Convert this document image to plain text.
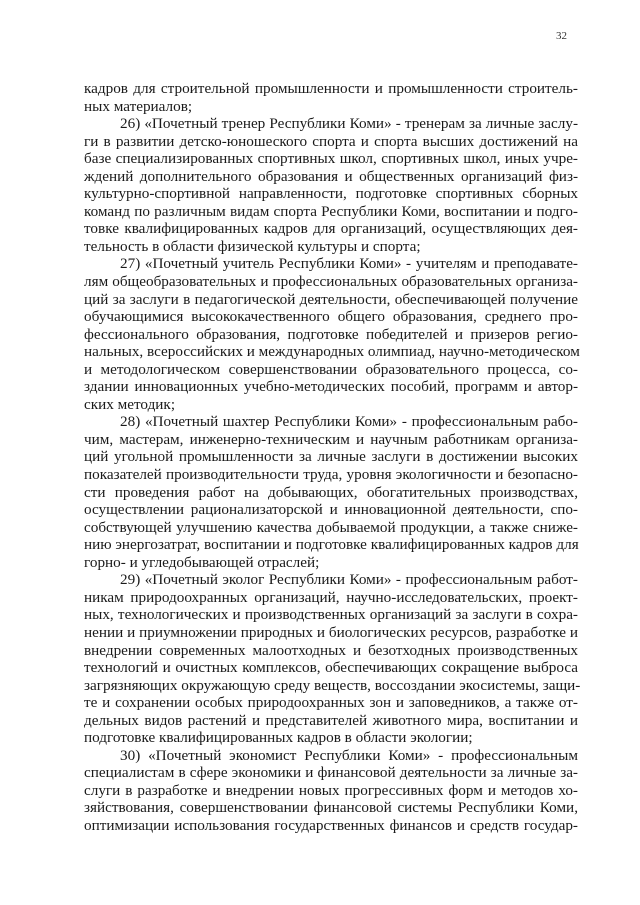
32
кадров для строительной промышленности и промышленности строитель-
ных материалов;
26) «Почетный тренер Республики Коми» - тренерам за личные заслу-
ги в развитии детско-юношеского спорта и спорта высших достижений на
базе специализированных спортивных школ, спортивных школ, иных учре-
ждений дополнительного образования и общественных организаций физ-
культурно-спортивной направленности, подготовке спортивных сборных
команд по различным видам спорта Республики Коми, воспитании и подго-
товке квалифицированных кадров для организаций, осуществляющих дея-
тельность в области физической культуры и спорта;
27) «Почетный учитель Республики Коми» - учителям и преподавате-
лям общеобразовательных и профессиональных образовательных организа-
ций за заслуги в педагогической деятельности, обеспечивающей получение
обучающимися высококачественного общего образования, среднего про-
фессионального образования, подготовке победителей и призеров регио-
нальных, всероссийских и международных олимпиад, научно-методическом
и методологическом совершенствовании образовательного процесса, со-
здании инновационных учебно-методических пособий, программ и автор-
ских методик;
28) «Почетный шахтер Республики Коми» - профессиональным рабо-
чим, мастерам, инженерно-техническим и научным работникам организа-
ций угольной промышленности за личные заслуги в достижении высоких
показателей производительности труда, уровня экологичности и безопасно-
сти проведения работ на добывающих, обогатительных производствах,
осуществлении рационализаторской и инновационной деятельности, спо-
собствующей улучшению качества добываемой продукции, а также сниже-
нию энергозатрат, воспитании и подготовке квалифицированных кадров для
горно- и угледобывающей отраслей;
29) «Почетный эколог Республики Коми» - профессиональным работ-
никам природоохранных организаций, научно-исследовательских, проект-
ных, технологических и производственных организаций за заслуги в сохра-
нении и приумножении природных и биологических ресурсов, разработке и
внедрении современных малоотходных и безотходных производственных
технологий и очистных комплексов, обеспечивающих сокращение выброса
загрязняющих окружающую среду веществ, воссоздании экосистемы, защи-
те и сохранении особых природоохранных зон и заповедников, а также от-
дельных видов растений и представителей животного мира, воспитании и
подготовке квалифицированных кадров в области экологии;
30) «Почетный экономист Республики Коми» - профессиональным
специалистам в сфере экономики и финансовой деятельности за личные за-
слуги в разработке и внедрении новых прогрессивных форм и методов хо-
зяйствования, совершенствовании финансовой системы Республики Коми,
оптимизации использования государственных финансов и средств государ-
